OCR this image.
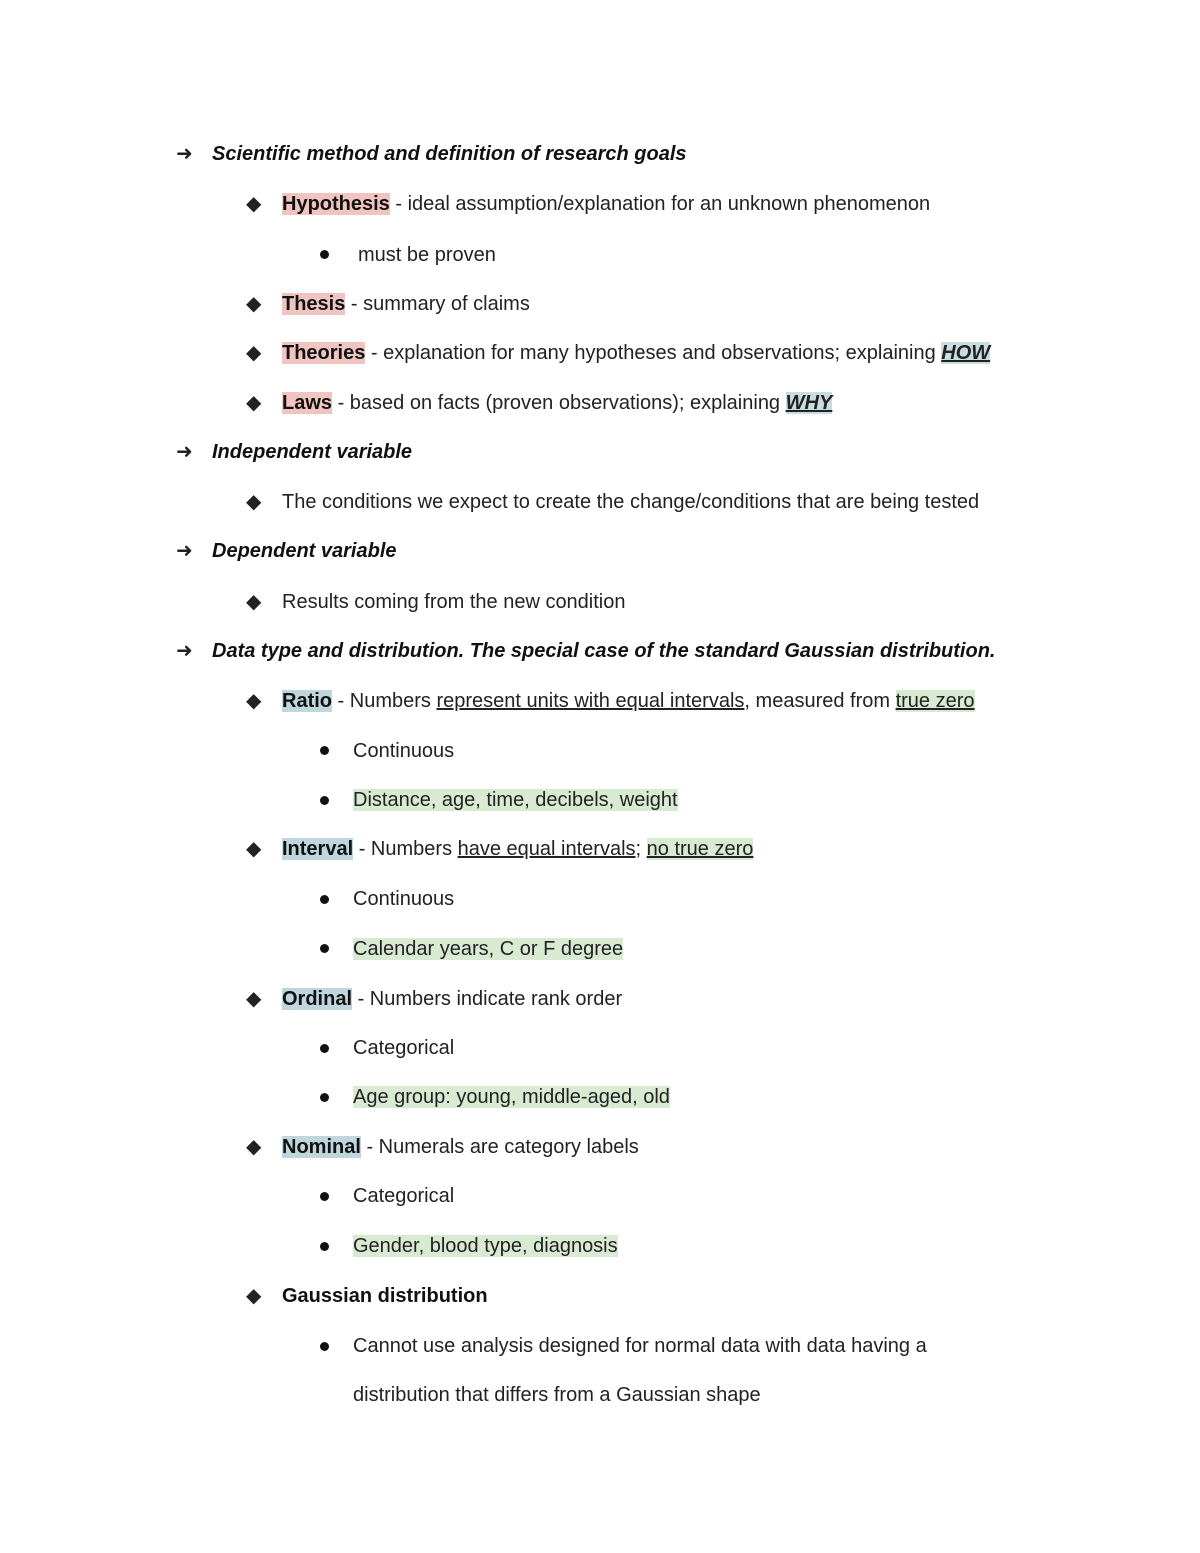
➜ Scientific method and definition of research goals
◆ Hypothesis - ideal assumption/explanation for an unknown phenomenon
must be proven
◆ Thesis - summary of claims
◆ Theories - explanation for many hypotheses and observations; explaining HOW
◆ Laws - based on facts (proven observations); explaining WHY
➜ Independent variable
◆ The conditions we expect to create the change/conditions that are being tested
➜ Dependent variable
◆ Results coming from the new condition
➜ Data type and distribution. The special case of the standard Gaussian distribution.
◆ Ratio - Numbers represent units with equal intervals, measured from true zero
Continuous
Distance, age, time, decibels, weight
◆ Interval - Numbers have equal intervals; no true zero
Continuous
Calendar years, C or F degree
◆ Ordinal - Numbers indicate rank order
Categorical
Age group: young, middle-aged, old
◆ Nominal - Numerals are category labels
Categorical
Gender, blood type, diagnosis
◆ Gaussian distribution
Cannot use analysis designed for normal data with data having a
distribution that differs from a Gaussian shape
